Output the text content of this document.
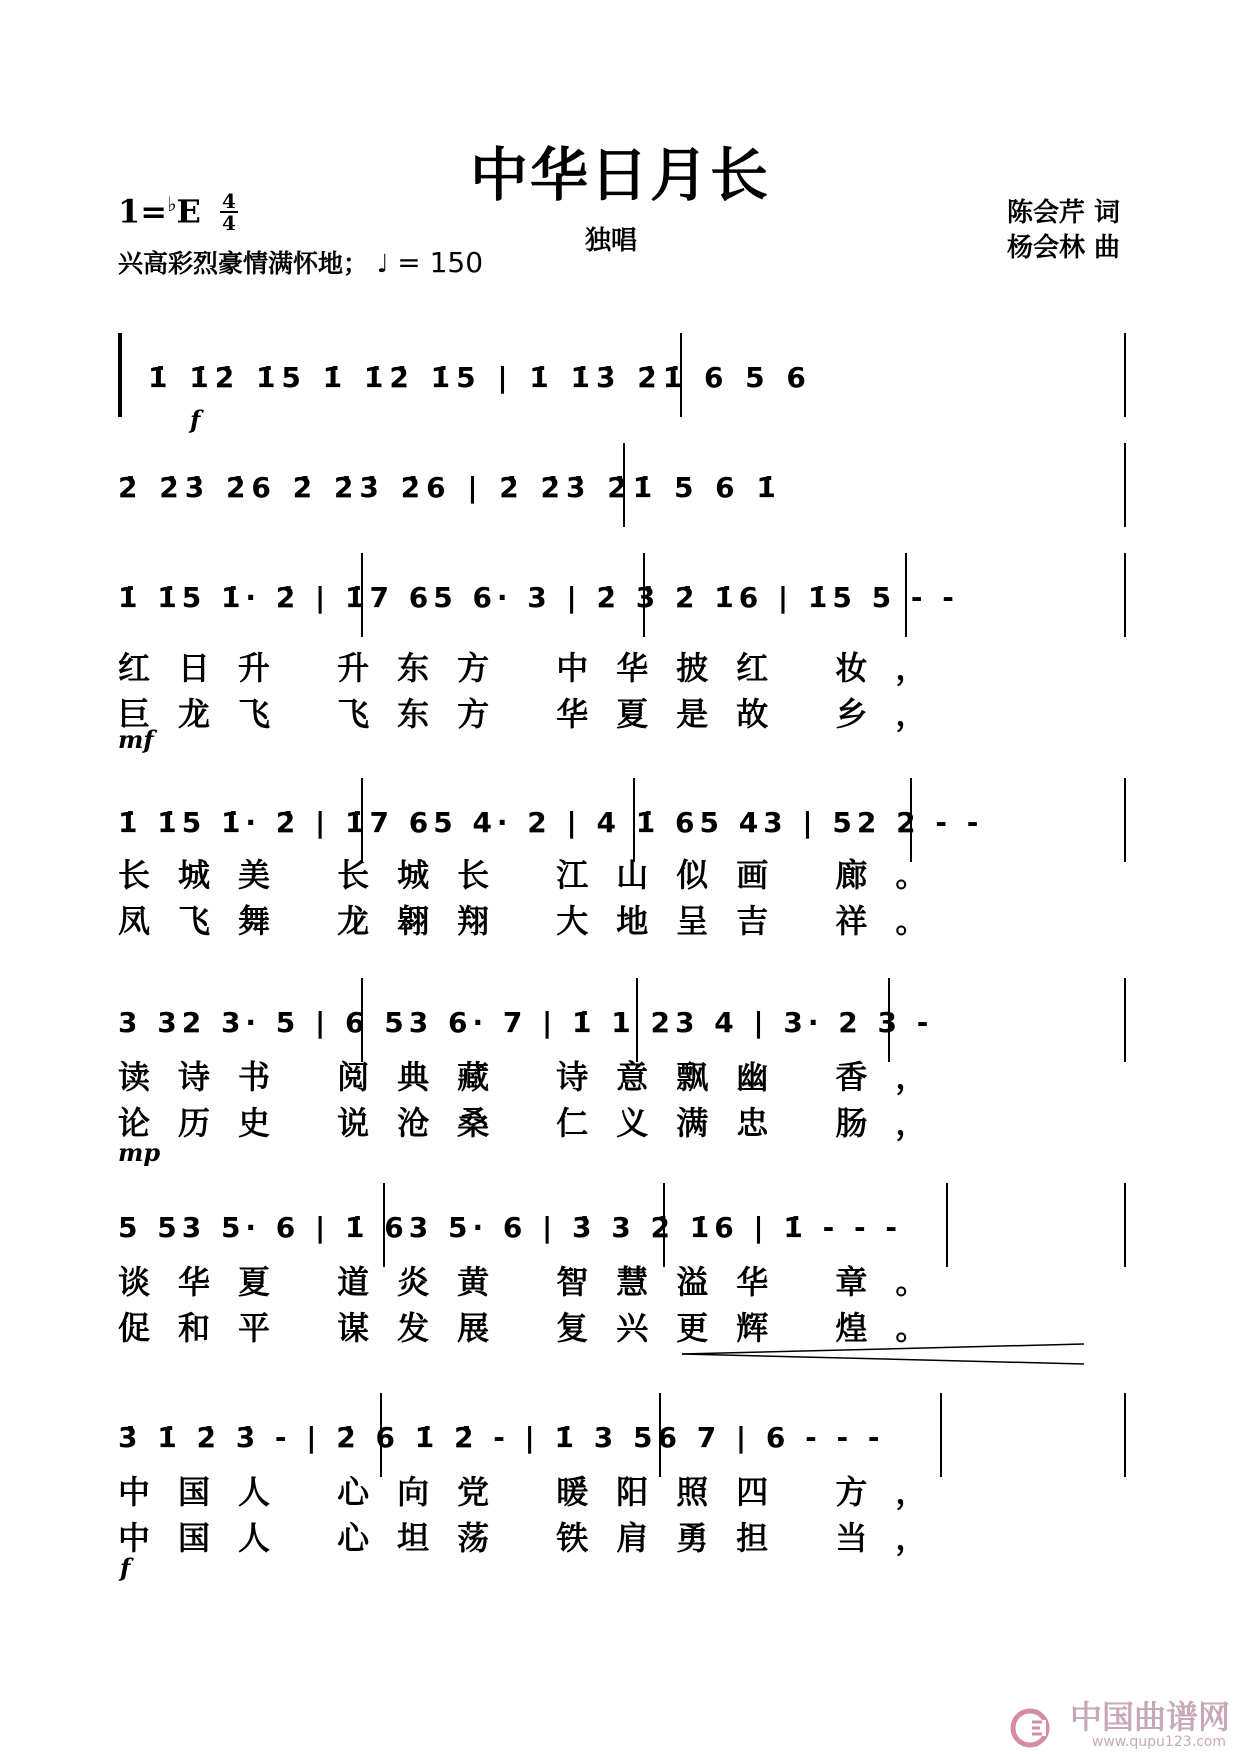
中华日月长
1=♭E 4
4
独唱
陈会芹 词
杨会林 曲
兴高彩烈豪情满怀地； ♩ = 150
1̇ 1̇2̇ 1̇5 1̇ 1̇2̇ 1̇5 | 1̇ 1̇3̇ 2̇1̇ 6 5 6
f
2̇ 2̇3̇ 2̇6 2̇ 2̇3̇ 2̇6 | 2̇ 2̇3̇ 2̇1̇ 5 6 1̇
1̇ 1̇5 1̇· 2̇ | 1̇7 65 6· 3 | 2̇ 3̇ 2̇ 1̇6 | 1̇5 5 - -
红日升 升东方 中华披红 妆，
巨龙飞 飞东方 华夏是故 乡，
mf
1̇ 1̇5 1̇· 2̇ | 1̇7 65 4· 2 | 4 1̇ 65 43 | 52 2 - -
长城美 长城长 江山似画 廊。
凤飞舞 龙翱翔 大地呈吉 祥。
3 32 3· 5 | 6 53 6· 7 | 1̇ 1 23 4 | 3· 2 3 -
读诗书 阅典藏 诗意飘幽 香，
论历史 说沧桑 仁义满忠 肠，
mp
5 53 5· 6 | 1̇ 63 5· 6 | 3̇ 3 2̇ 1̇6 | 1̇ - - -
谈华夏 道炎黄 智慧溢华 章。
促和平 谋发展 复兴更辉 煌。
3̇ 1̇ 2̇ 3̇ - | 2̇ 6 1̇ 2̇ - | 1̇ 3 56 7 | 6 - - -
中国人 心向党 暖阳照四 方，
中国人 心坦荡 铁肩勇担 当，
f
中国曲谱网
www.qupu123.com
